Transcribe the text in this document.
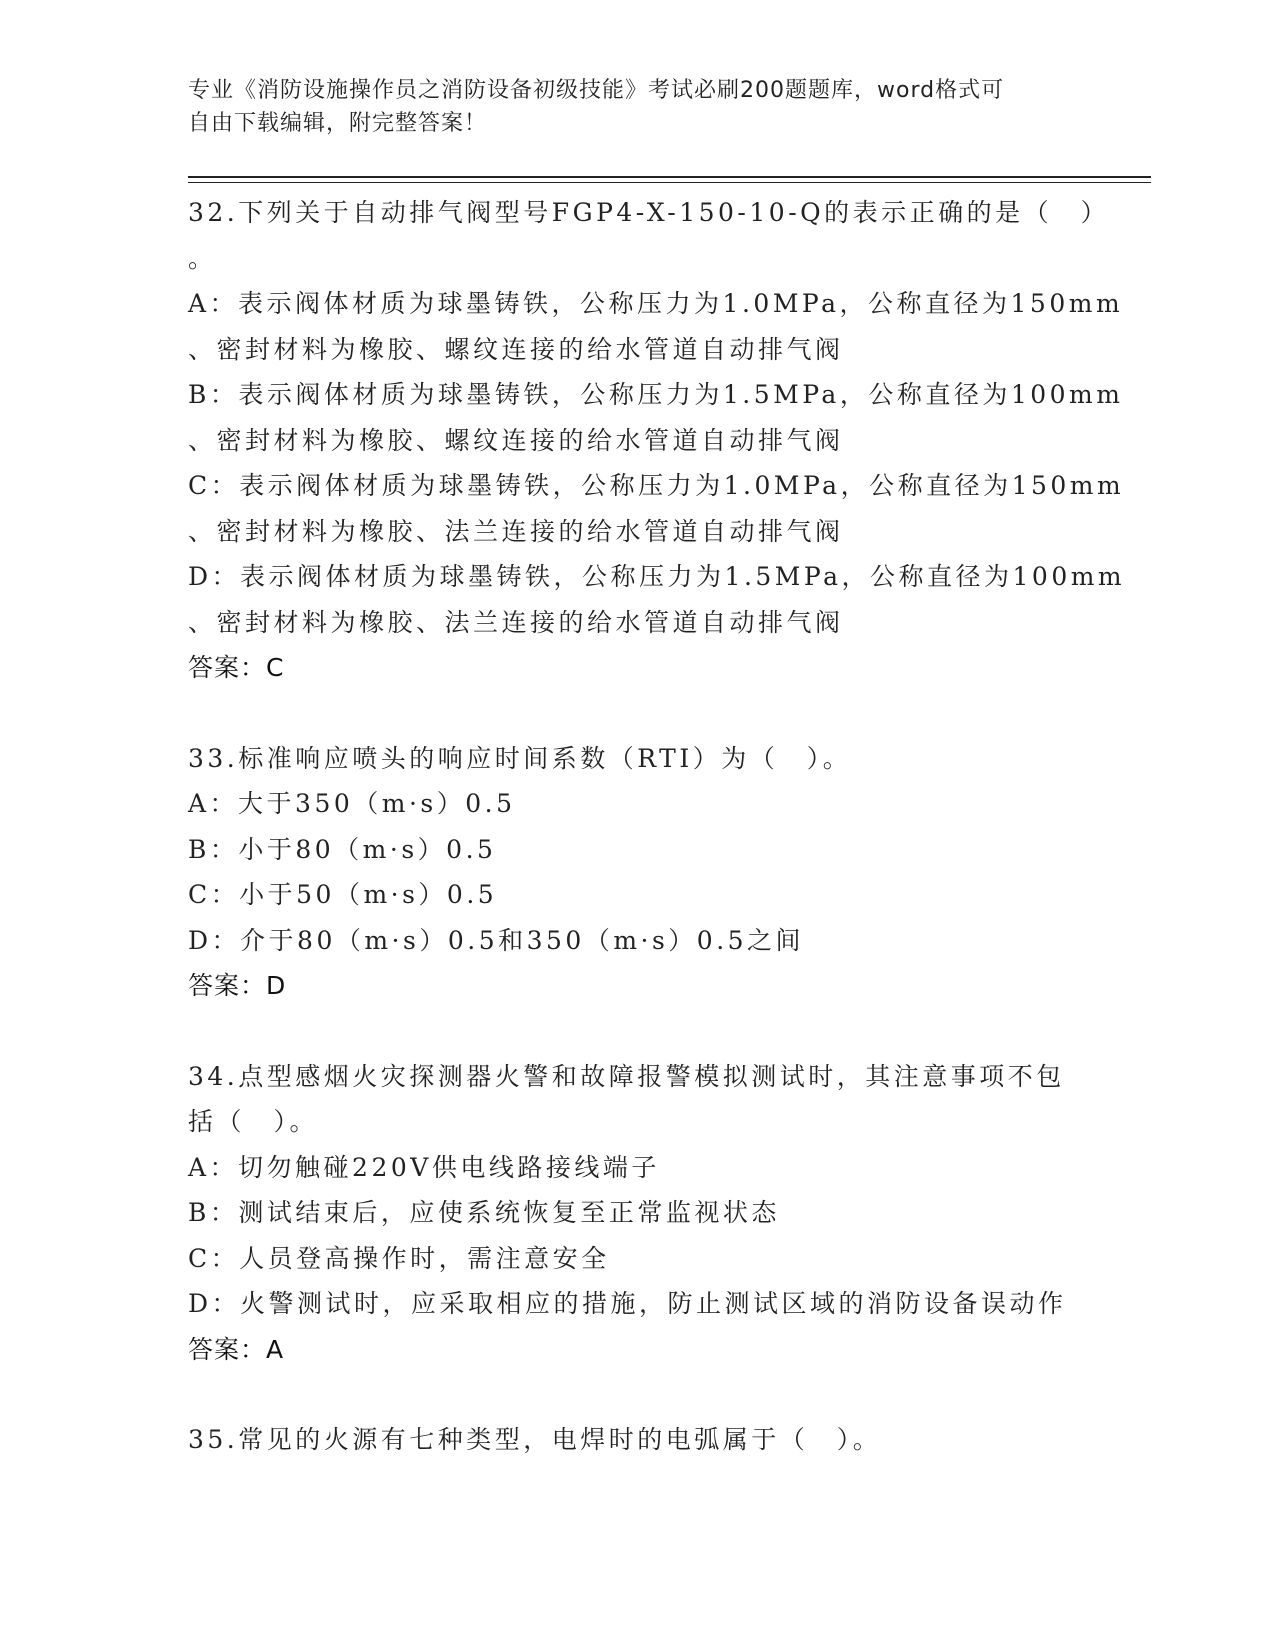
专业《消防设施操作员之消防设备初级技能》考试必刷200题题库，word格式可
自由下载编辑，附完整答案！
32.下列关于自动排气阀型号FGP4-X-150-10-Q的表示正确的是（　）
。
A：表示阀体材质为球墨铸铁，公称压力为1.0MPa，公称直径为150mm
、密封材料为橡胶、螺纹连接的给水管道自动排气阀
B：表示阀体材质为球墨铸铁，公称压力为1.5MPa，公称直径为100mm
、密封材料为橡胶、螺纹连接的给水管道自动排气阀
C：表示阀体材质为球墨铸铁，公称压力为1.0MPa，公称直径为150mm
、密封材料为橡胶、法兰连接的给水管道自动排气阀
D：表示阀体材质为球墨铸铁，公称压力为1.5MPa，公称直径为100mm
、密封材料为橡胶、法兰连接的给水管道自动排气阀
答案：C
33.标准响应喷头的响应时间系数（RTI）为（　）。
A：大于350（m·s）0.5
B：小于80（m·s）0.5
C：小于50（m·s）0.5
D：介于80（m·s）0.5和350（m·s）0.5之间
答案：D
34.点型感烟火灾探测器火警和故障报警模拟测试时，其注意事项不包
括（　）。
A：切勿触碰220V供电线路接线端子
B：测试结束后，应使系统恢复至正常监视状态
C：人员登高操作时，需注意安全
D：火警测试时，应采取相应的措施，防止测试区域的消防设备误动作
答案：A
35.常见的火源有七种类型，电焊时的电弧属于（　）。
